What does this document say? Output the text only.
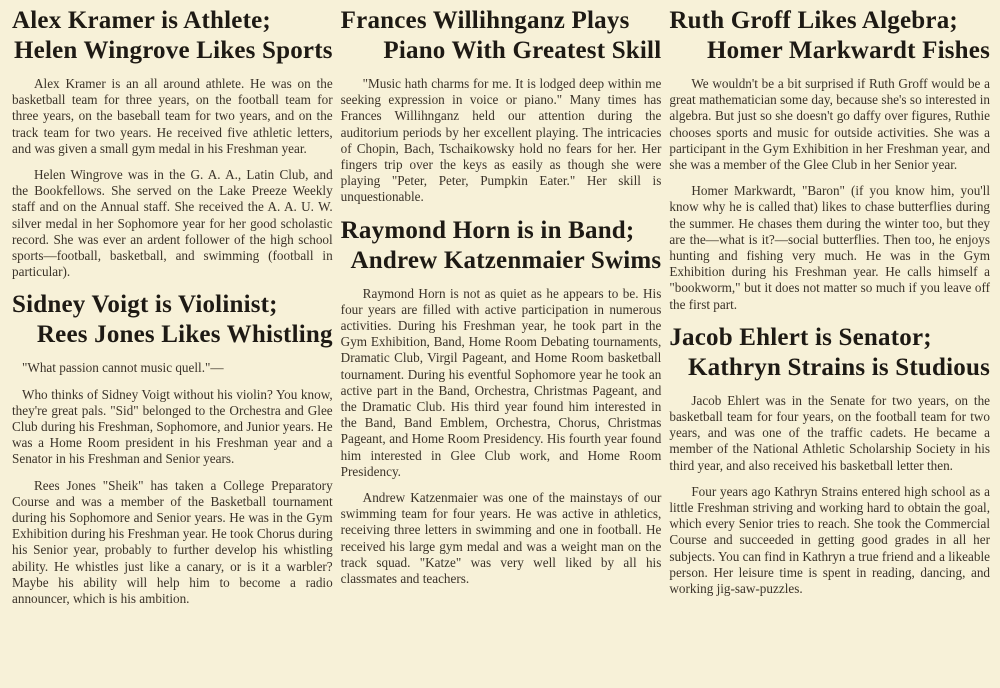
Alex Kramer is Athlete;
Helen Wingrove Likes Sports

Alex Kramer is an all around athlete. He was on the basketball team for three years, on the football team for three years, on the baseball team for two years, and on the track team for two years. He received five athletic letters, and was given a small gym medal in his Freshman year.

Helen Wingrove was in the G. A. A., Latin Club, and the Bookfellows. She served on the Lake Preeze Weekly staff and on the Annual staff. She received the A. A. U. W. silver medal in her Sophomore year for her good scholastic record. She was ever an ardent follower of the high school sports—football, basketball, and swimming (football in particular).

Sidney Voigt is Violinist;
Rees Jones Likes Whistling

"What passion cannot music quell."—

Who thinks of Sidney Voigt without his violin? You know, they're great pals. "Sid" belonged to the Orchestra and Glee Club during his Freshman, Sophomore, and Junior years. He was a Home Room president in his Freshman year and a Senator in his Freshman and Senior years.

Rees Jones "Sheik" has taken a College Preparatory Course and was a member of the Basketball tournament during his Sophomore and Senior years. He was in the Gym Exhibition during his Freshman year. He took Chorus during his Senior year, probably to further develop his whistling ability. He whistles just like a canary, or is it a warbler? Maybe his ability will help him to become a radio announcer, which is his ambition.

Frances Willihnganz Plays
Piano With Greatest Skill

"Music hath charms for me. It is lodged deep within me seeking expression in voice or piano." Many times has Frances Willihnganz held our attention during the auditorium periods by her excellent playing. The intricacies of Chopin, Bach, Tschaikowsky hold no fears for her. Her fingers trip over the keys as easily as though she were playing "Peter, Peter, Pumpkin Eater." Her skill is unquestionable.

Raymond Horn is in Band;
Andrew Katzenmaier Swims

Raymond Horn is not as quiet as he appears to be. His four years are filled with active participation in numerous activities. During his Freshman year, he took part in the Gym Exhibition, Band, Home Room Debating tournaments, Dramatic Club, Virgil Pageant, and Home Room basketball tournament. During his eventful Sophomore year he took an active part in the Band, Orchestra, Christmas Pageant, and the Dramatic Club. His third year found him interested in the Band, Band Emblem, Orchestra, Chorus, Christmas Pageant, and Home Room Presidency. His fourth year found him interested in Glee Club work, and Home Room Presidency.

Andrew Katzenmaier was one of the mainstays of our swimming team for four years. He was active in athletics, receiving three letters in swimming and one in football. He received his large gym medal and was a weight man on the track squad. "Katze" was very well liked by all his classmates and teachers.

Ruth Groff Likes Algebra;
Homer Markwardt Fishes

We wouldn't be a bit surprised if Ruth Groff would be a great mathematician some day, because she's so interested in algebra. But just so she doesn't go daffy over figures, Ruthie chooses sports and music for outside activities. She was a participant in the Gym Exhibition in her Freshman year, and she was a member of the Glee Club in her Senior year.

Homer Markwardt, "Baron" (if you know him, you'll know why he is called that) likes to chase butterflies during the summer. He chases them during the winter too, but they are the—what is it?—social butterflies. Then too, he enjoys hunting and fishing very much. He was in the Gym Exhibition during his Freshman year. He calls himself a "bookworm," but it does not matter so much if you leave off the first part.

Jacob Ehlert is Senator;
Kathryn Strains is Studious

Jacob Ehlert was in the Senate for two years, on the basketball team for four years, on the football team for two years, and was one of the traffic cadets. He became a member of the National Athletic Scholarship Society in his third year, and also received his basketball letter then.

Four years ago Kathryn Strains entered high school as a little Freshman striving and working hard to obtain the goal, which every Senior tries to reach. She took the Commercial Course and succeeded in getting good grades in all her subjects. You can find in Kathryn a true friend and a likeable person. Her leisure time is spent in reading, dancing, and working jig-saw-puzzles.
